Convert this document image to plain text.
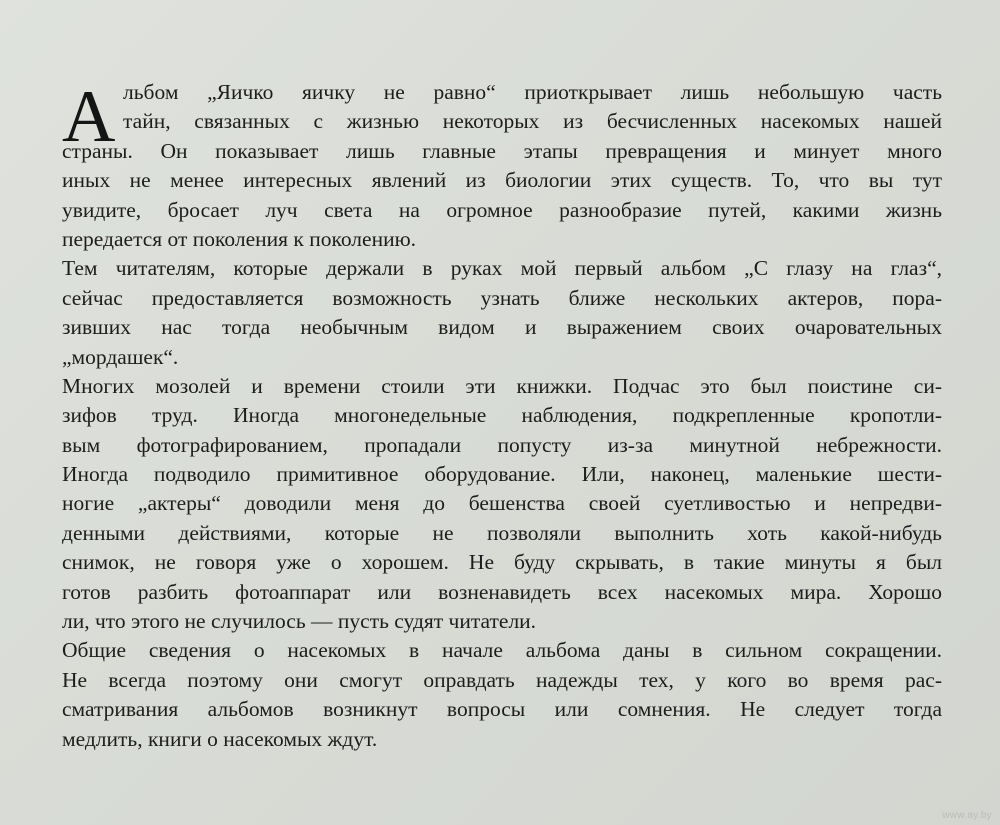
А льбом „Яичко яичку не равно“ приоткрывает лишь небольшую часть
тайн, связанных с жизнью некоторых из бесчисленных насекомых нашей
страны. Он показывает лишь главные этапы превращения и минует много
иных не менее интересных явлений из биологии этих существ. То, что вы тут
увидите, бросает луч света на огромное разнообразие путей, какими жизнь
передается от поколения к поколению.
Тем читателям, которые держали в руках мой первый альбом „С глазу на глаз“,
сейчас предоставляется возможность узнать ближе нескольких актеров, пора-
зивших нас тогда необычным видом и выражением своих очаровательных
„мордашек“.
Многих мозолей и времени стоили эти книжки. Подчас это был поистине си-
зифов труд. Иногда многонедельные наблюдения, подкрепленные кропотли-
вым фотографированием, пропадали попусту из-за минутной небрежности.
Иногда подводило примитивное оборудование. Или, наконец, маленькие шести-
ногие „актеры“ доводили меня до бешенства своей суетливостью и непредви-
денными действиями, которые не позволяли выполнить хоть какой-нибудь
снимок, не говоря уже о хорошем. Не буду скрывать, в такие минуты я был
готов разбить фотоаппарат или возненавидеть всех насекомых мира. Хорошо
ли, что этого не случилось — пусть судят читатели.
Общие сведения о насекомых в начале альбома даны в сильном сокращении.
Не всегда поэтому они смогут оправдать надежды тех, у кого во время рас-
сматривания альбомов возникнут вопросы или сомнения. Не следует тогда
медлить, книги о насекомых ждут.
www.ay.by
